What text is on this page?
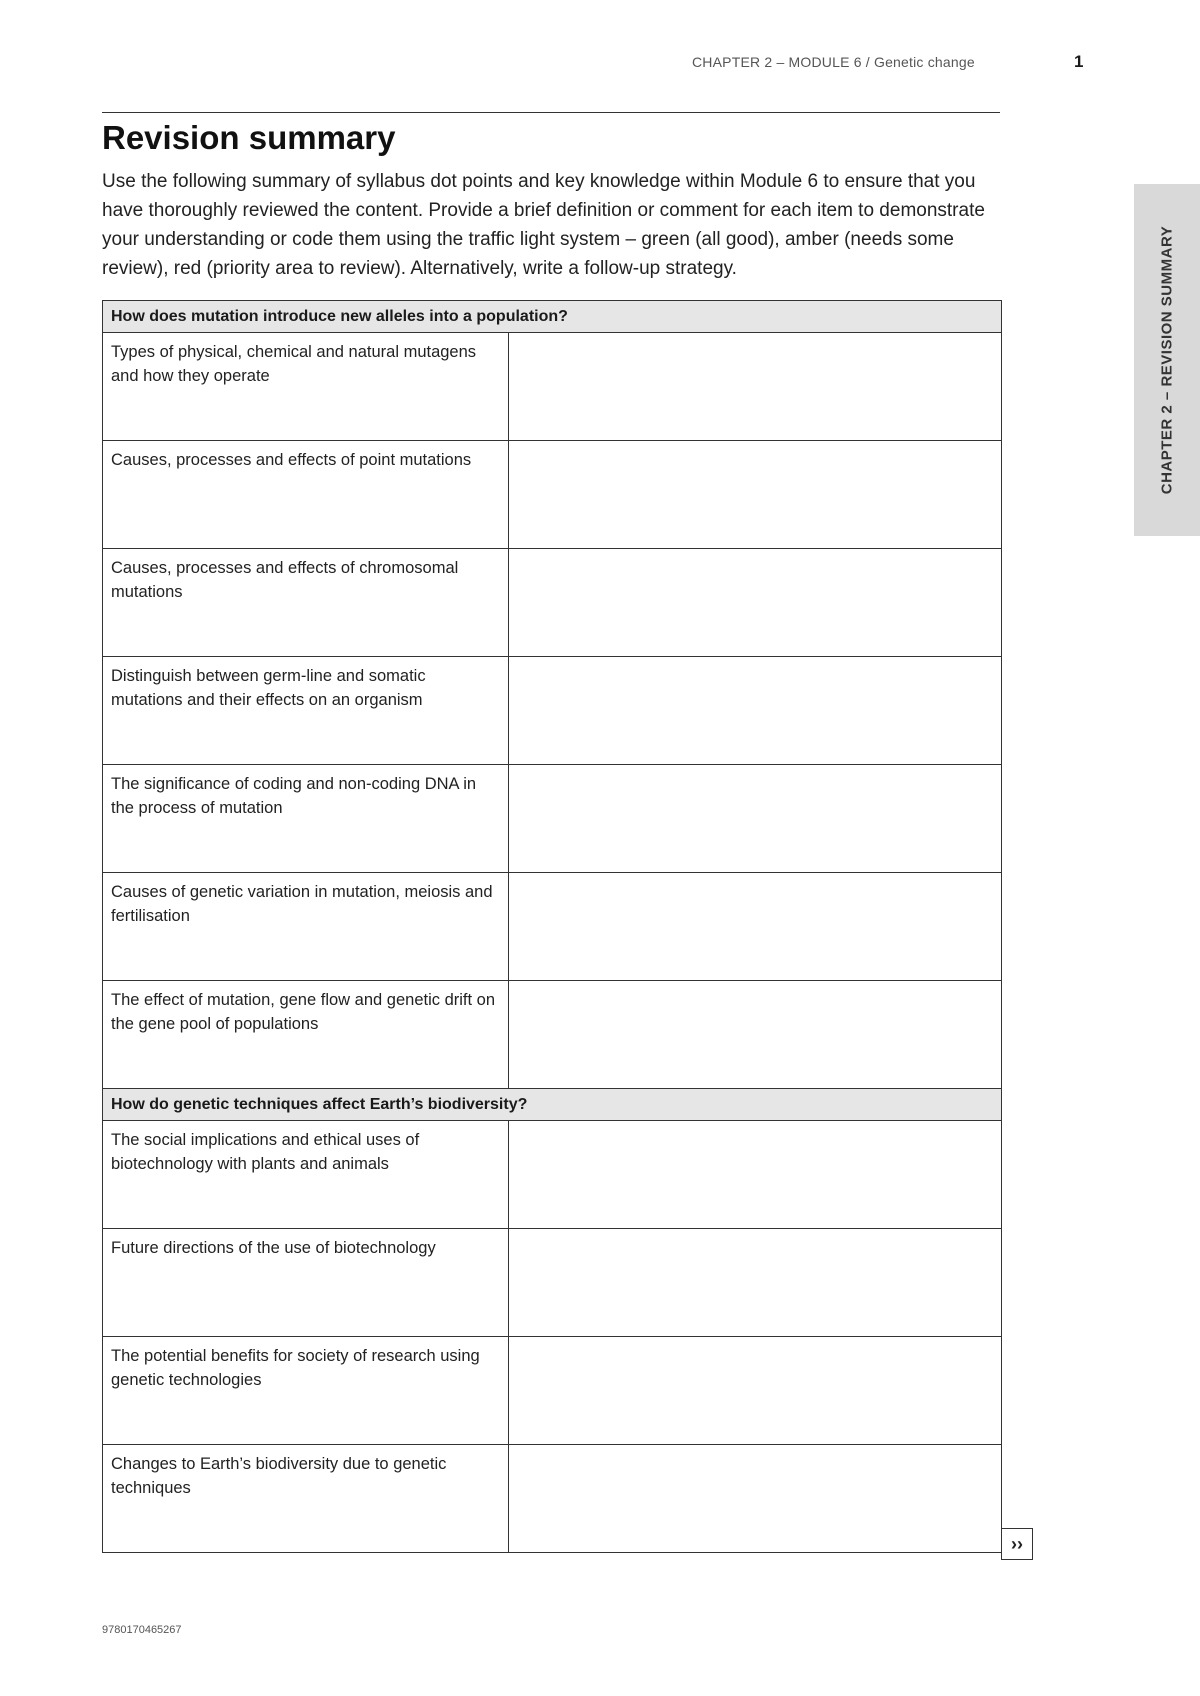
CHAPTER 2 – MODULE 6 / Genetic change	1
CHAPTER 2 – REVISION SUMMARY
Revision summary

Use the following summary of syllabus dot points and key knowledge within Module 6 to ensure that you have thoroughly reviewed the content. Provide a brief definition or comment for each item to demonstrate your understanding or code them using the traffic light system – green (all good), amber (needs some review), red (priority area to review). Alternatively, write a follow-up strategy.

How does mutation introduce new alleles into a population?	

Types of physical, chemical and natural mutagens and how they operate	

Causes, processes and effects of point mutations	

Causes, processes and effects of chromosomal mutations	

Distinguish between germ-line and somatic mutations and their effects on an organism	

The significance of coding and non-coding DNA in the process of mutation	

Causes of genetic variation in mutation, meiosis and fertilisation	

The effect of mutation, gene flow and genetic drift on the gene pool of populations	

How do genetic techniques affect Earth’s biodiversity?	

The social implications and ethical uses of biotechnology with plants and animals	

Future directions of the use of biotechnology	

The potential benefits for society of research using genetic technologies	

Changes to Earth’s biodiversity due to genetic techniques	

››
9780170465267
